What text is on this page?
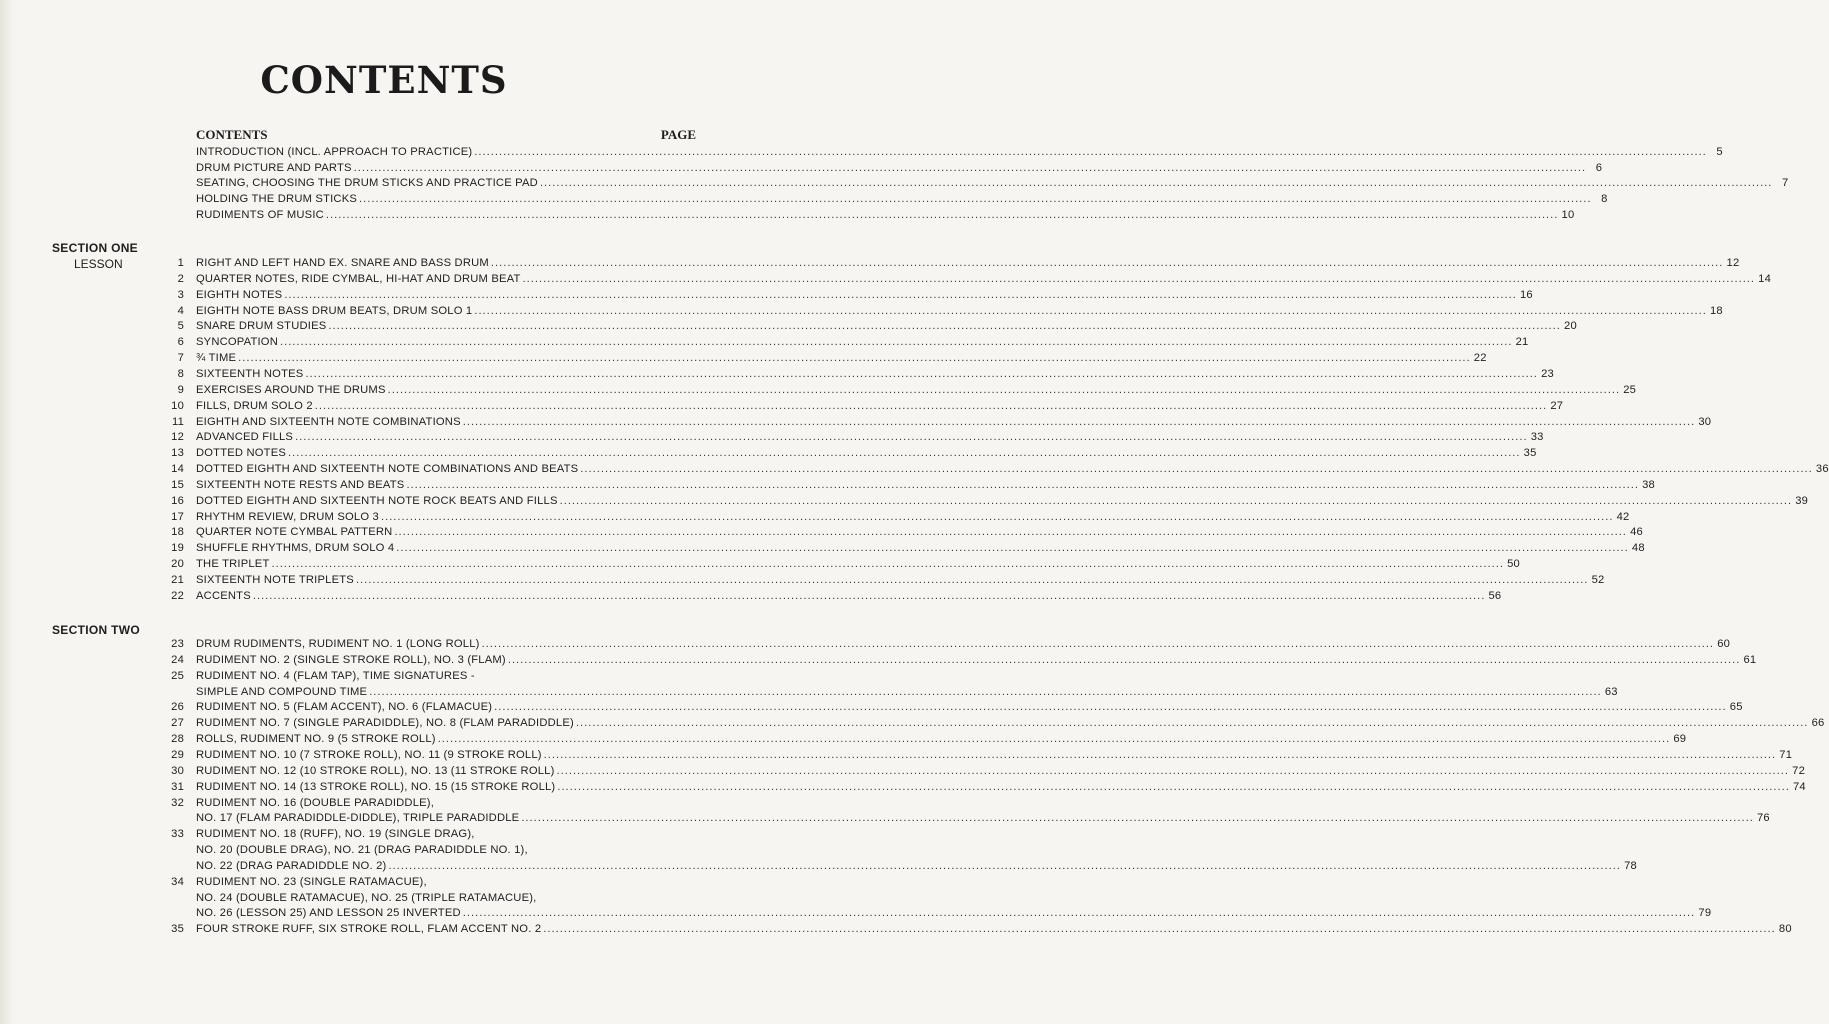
CONTENTS
CONTENTS	PAGE
SECTION ONE
LESSON
SECTION TWO
INTRODUCTION (INCL. APPROACH TO PRACTICE) ............................................................................................................................................................................................................................................................................................................ 5
DRUM PICTURE AND PARTS ............................................................................................................................................................................................................................................................................................................ 6
SEATING, CHOOSING THE DRUM STICKS AND PRACTICE PAD ............................................................................................................................................................................................................................................................................................................ 7
HOLDING THE DRUM STICKS ............................................................................................................................................................................................................................................................................................................ 8
RUDIMENTS OF MUSIC ............................................................................................................................................................................................................................................................................................................ 10
1 RIGHT AND LEFT HAND EX. SNARE AND BASS DRUM ............................................................................................................................................................................................................................................................................................................ 12
2 QUARTER NOTES, RIDE CYMBAL, HI-HAT AND DRUM BEAT ............................................................................................................................................................................................................................................................................................................ 14
3 EIGHTH NOTES ............................................................................................................................................................................................................................................................................................................ 16
4 EIGHTH NOTE BASS DRUM BEATS, DRUM SOLO 1 ............................................................................................................................................................................................................................................................................................................ 18
5 SNARE DRUM STUDIES ............................................................................................................................................................................................................................................................................................................ 20
6 SYNCOPATION ............................................................................................................................................................................................................................................................................................................ 21
7 ¾ TIME ............................................................................................................................................................................................................................................................................................................ 22
8 SIXTEENTH NOTES ............................................................................................................................................................................................................................................................................................................ 23
9 EXERCISES AROUND THE DRUMS ............................................................................................................................................................................................................................................................................................................ 25
10 FILLS, DRUM SOLO 2 ............................................................................................................................................................................................................................................................................................................ 27
11 EIGHTH AND SIXTEENTH NOTE COMBINATIONS ............................................................................................................................................................................................................................................................................................................ 30
12 ADVANCED FILLS ............................................................................................................................................................................................................................................................................................................ 33
13 DOTTED NOTES ............................................................................................................................................................................................................................................................................................................ 35
14 DOTTED EIGHTH AND SIXTEENTH NOTE COMBINATIONS AND BEATS ............................................................................................................................................................................................................................................................................................................ 36
15 SIXTEENTH NOTE RESTS AND BEATS ............................................................................................................................................................................................................................................................................................................ 38
16 DOTTED EIGHTH AND SIXTEENTH NOTE ROCK BEATS AND FILLS ............................................................................................................................................................................................................................................................................................................ 39
17 RHYTHM REVIEW, DRUM SOLO 3 ............................................................................................................................................................................................................................................................................................................ 42
18 QUARTER NOTE CYMBAL PATTERN ............................................................................................................................................................................................................................................................................................................ 46
19 SHUFFLE RHYTHMS, DRUM SOLO 4 ............................................................................................................................................................................................................................................................................................................ 48
20 THE TRIPLET ............................................................................................................................................................................................................................................................................................................ 50
21 SIXTEENTH NOTE TRIPLETS ............................................................................................................................................................................................................................................................................................................ 52
22 ACCENTS ............................................................................................................................................................................................................................................................................................................ 56
23 DRUM RUDIMENTS, RUDIMENT NO. 1 (LONG ROLL) ............................................................................................................................................................................................................................................................................................................ 60
24 RUDIMENT NO. 2 (SINGLE STROKE ROLL), NO. 3 (FLAM) ............................................................................................................................................................................................................................................................................................................ 61
25 RUDIMENT NO. 4 (FLAM TAP), TIME SIGNATURES -
SIMPLE AND COMPOUND TIME ............................................................................................................................................................................................................................................................................................................ 63
26 RUDIMENT NO. 5 (FLAM ACCENT), NO. 6 (FLAMACUE) ............................................................................................................................................................................................................................................................................................................ 65
27 RUDIMENT NO. 7 (SINGLE PARADIDDLE), NO. 8 (FLAM PARADIDDLE) ............................................................................................................................................................................................................................................................................................................ 66
28 ROLLS, RUDIMENT NO. 9 (5 STROKE ROLL) ............................................................................................................................................................................................................................................................................................................ 69
29 RUDIMENT NO. 10 (7 STROKE ROLL), NO. 11 (9 STROKE ROLL) ............................................................................................................................................................................................................................................................................................................ 71
30 RUDIMENT NO. 12 (10 STROKE ROLL), NO. 13 (11 STROKE ROLL) ............................................................................................................................................................................................................................................................................................................ 72
31 RUDIMENT NO. 14 (13 STROKE ROLL), NO. 15 (15 STROKE ROLL) ............................................................................................................................................................................................................................................................................................................ 74
32 RUDIMENT NO. 16 (DOUBLE PARADIDDLE),
NO. 17 (FLAM PARADIDDLE-DIDDLE), TRIPLE PARADIDDLE ............................................................................................................................................................................................................................................................................................................ 76
33 RUDIMENT NO. 18 (RUFF), NO. 19 (SINGLE DRAG),
NO. 20 (DOUBLE DRAG), NO. 21 (DRAG PARADIDDLE NO. 1),
NO. 22 (DRAG PARADIDDLE NO. 2) ............................................................................................................................................................................................................................................................................................................ 78
34 RUDIMENT NO. 23 (SINGLE RATAMACUE),
NO. 24 (DOUBLE RATAMACUE), NO. 25 (TRIPLE RATAMACUE),
NO. 26 (LESSON 25) AND LESSON 25 INVERTED ............................................................................................................................................................................................................................................................................................................ 79
35 FOUR STROKE RUFF, SIX STROKE ROLL, FLAM ACCENT NO. 2 ............................................................................................................................................................................................................................................................................................................ 80
